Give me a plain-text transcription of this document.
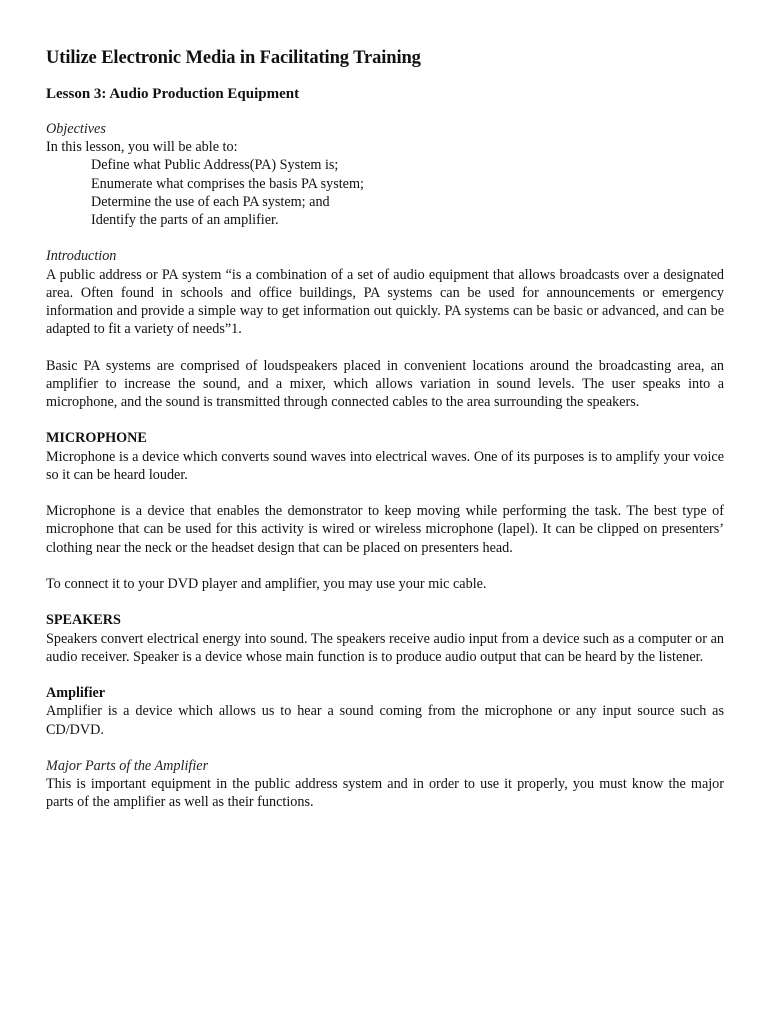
Utilize Electronic Media in Facilitating Training
Lesson 3: Audio Production Equipment

Objectives

In this lesson, you will be able to:

Define what Public Address(PA) System is;
Enumerate what comprises the basis PA system;
Determine the use of each PA system; and
Identify the parts of an amplifier.

Introduction

A public address or PA system “is a combination of a set of audio equipment that allows broadcasts over a designated area. Often found in schools and office buildings, PA systems can be used for announcements or emergency information and provide a simple way to get information out quickly. PA systems can be basic or advanced, and can be adapted to fit a variety of needs”1.

Basic PA systems are comprised of loudspeakers placed in convenient locations around the broadcasting area, an amplifier to increase the sound, and a mixer, which allows variation in sound levels. The user speaks into a microphone, and the sound is transmitted through connected cables to the area surrounding the speakers.

MICROPHONE

Microphone is a device which converts sound waves into electrical waves. One of its purposes is to amplify your voice so it can be heard louder.

Microphone is a device that enables the demonstrator to keep moving while performing the task. The best type of microphone that can be used for this activity is wired or wireless microphone (lapel). It can be clipped on presenters’ clothing near the neck or the headset design that can be placed on presenters head.

To connect it to your DVD player and amplifier, you may use your mic cable.

SPEAKERS

Speakers convert electrical energy into sound. The speakers receive audio input from a device such as a computer or an audio receiver. Speaker is a device whose main function is to produce audio output that can be heard by the listener.

Amplifier

Amplifier is a device which allows us to hear a sound coming from the microphone or any input source such as CD/DVD.

Major Parts of the Amplifier

This is important equipment in the public address system and in order to use it properly, you must know the major parts of the amplifier as well as their functions.
